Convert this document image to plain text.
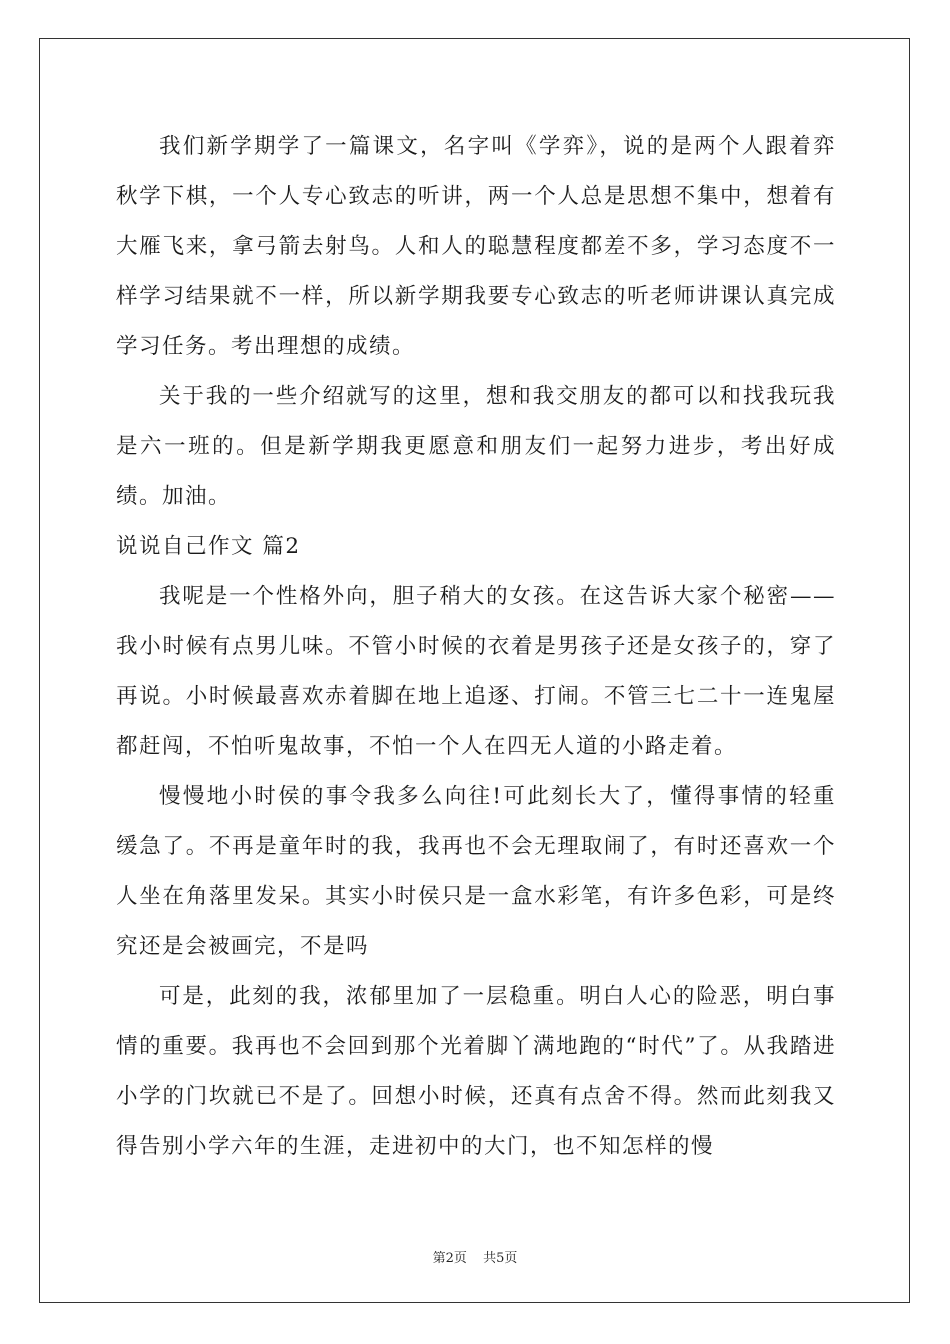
我们新学期学了一篇课文，名字叫《学弈》，说的是两个人跟着弈秋学下棋，一个人专心致志的听讲，两一个人总是思想不集中，想着有大雁飞来，拿弓箭去射鸟。人和人的聪慧程度都差不多，学习态度不一样学习结果就不一样，所以新学期我要专心致志的听老师讲课认真完成学习任务。考出理想的成绩。

关于我的一些介绍就写的这里，想和我交朋友的都可以和找我玩我是六一班的。但是新学期我更愿意和朋友们一起努力进步，考出好成绩。加油。

说说自己作文 篇2

我呢是一个性格外向，胆子稍大的女孩。在这告诉大家个秘密——我小时候有点男儿味。不管小时候的衣着是男孩子还是女孩子的，穿了再说。小时候最喜欢赤着脚在地上追逐、打闹。不管三七二十一连鬼屋都赶闯，不怕听鬼故事，不怕一个人在四无人道的小路走着。

慢慢地小时侯的事令我多么向往!可此刻长大了，懂得事情的轻重缓急了。不再是童年时的我，我再也不会无理取闹了，有时还喜欢一个人坐在角落里发呆。其实小时侯只是一盒水彩笔，有许多色彩，可是终究还是会被画完，不是吗

可是，此刻的我，浓郁里加了一层稳重。明白人心的险恶，明白事情的重要。我再也不会回到那个光着脚丫满地跑的“时代”了。从我踏进小学的门坎就已不是了。回想小时候，还真有点舍不得。然而此刻我又得告别小学六年的生涯，走进初中的大门，也不知怎样的慢

第2页 共5页
